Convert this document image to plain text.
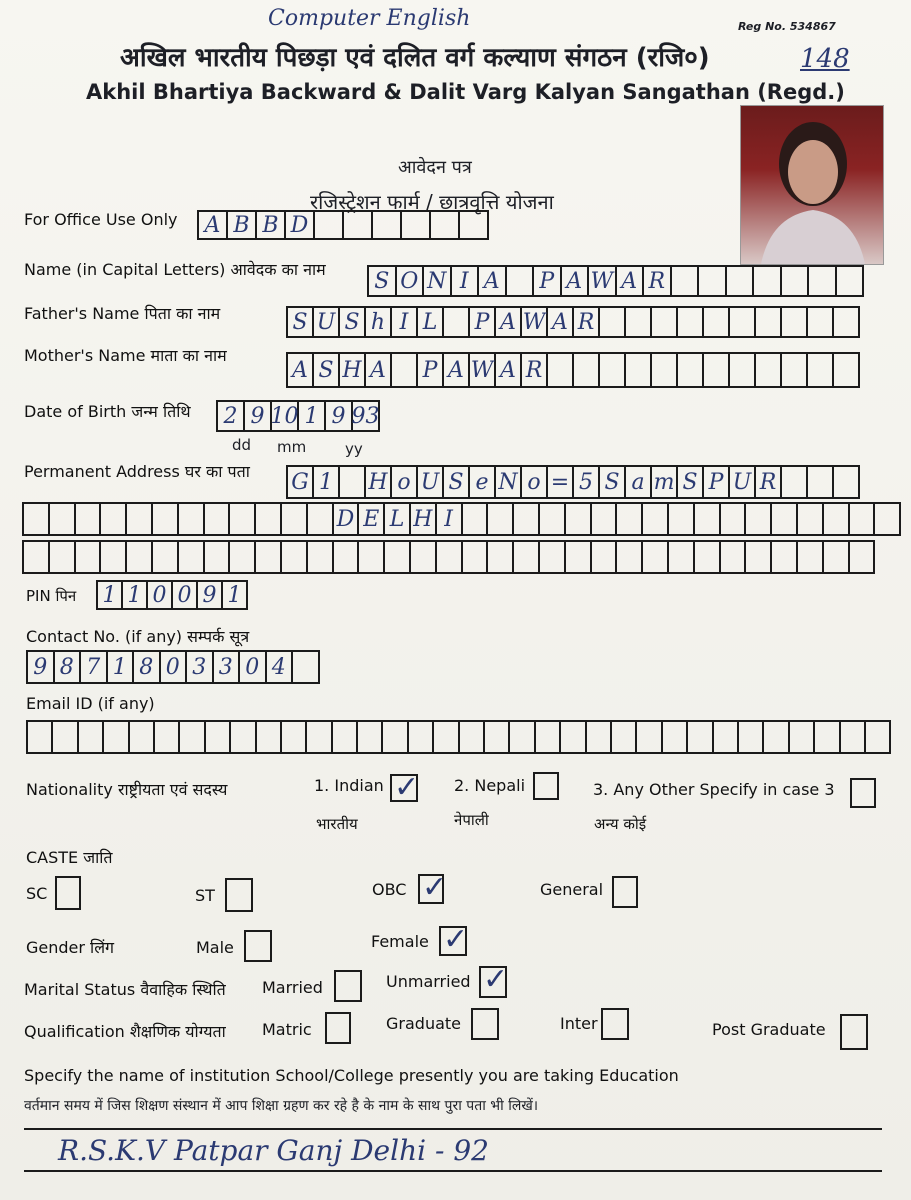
Computer English	Reg No. 534867
अखिल भारतीय पिछड़ा एवं दलित वर्ग कल्याण संगठन (रजि०)	148
Akhil Bhartiya Backward & Dalit Varg Kalyan Sangathan (Regd.)
आवेदन पत्र
रजिस्ट्रेशन फार्म / छात्रवृत्ति योजना
For Office Use Only A B B D
Name (in Capital Letters) आवेदक का नाम S O N I A	P A W A R
Father's Name पिता का नाम	S U S h I L	P A W A R
Mother's Name माता का नाम
A S H A P A W A R
Date of Birth जन्म तिथि 2 9 10 1 9 93
dd mm	yy
Permanent Address घर का पता G 1	H o U S e N o = 5 S a m S P U R
D E L H I
PIN पिन 1 1 0 0 9 1
Contact No. (if any) सम्पर्क सूत्र
9 8 7 1 8 0 3 3 0 4
Email ID (if any)
Nationality राष्ट्रीयता एवं सदस्य	1. Indian ✓
भारतीय
2. Nepali
नेपाली
3. Any Other Specify in case 3
अन्य कोई
CASTE जाति
SC	ST	OBC ✓	General
Gender लिंग	Male	Female ✓
Marital Status वैवाहिक स्थिति Married	Unmarried ✓
Qualification शैक्षणिक योग्यता Matric	Graduate	Inter	Post Graduate
Specify the name of institution School/College presently you are taking Education
वर्तमान समय में जिस शिक्षण संस्थान में आप शिक्षा ग्रहण कर रहे है के नाम के साथ पुरा पता भी लिखें।
R.S.K.V Patpar Ganj Delhi - 92
